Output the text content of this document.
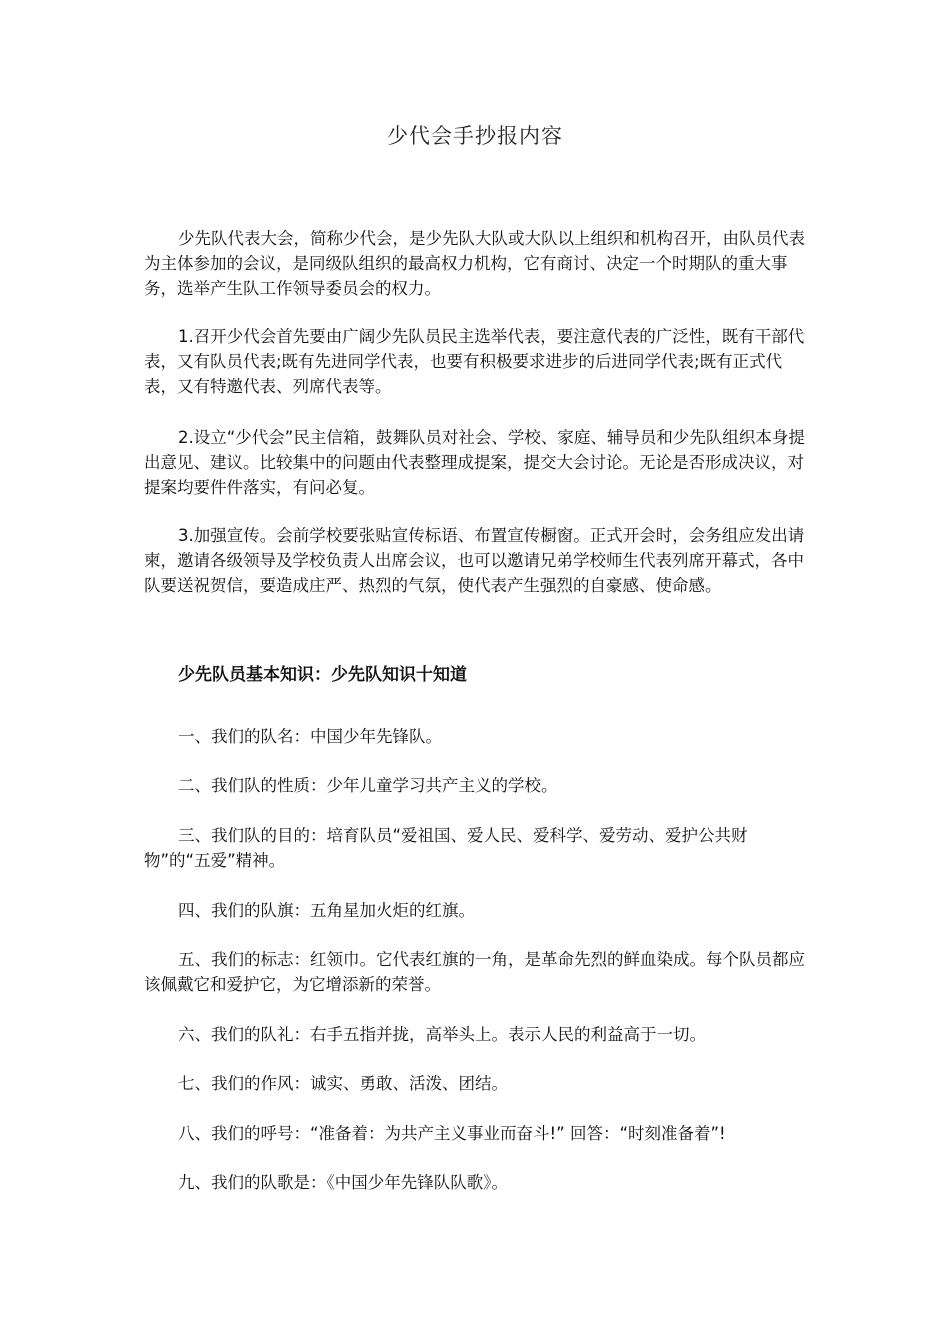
少代会手抄报内容

少先队代表大会，简称少代会，是少先队大队或大队以上组织和机构召开，由队员代表为主体参加的会议，是同级队组织的最高权力机构，它有商讨、决定一个时期队的重大事务，选举产生队工作领导委员会的权力。

1.召开少代会首先要由广阔少先队员民主选举代表，要注意代表的广泛性，既有干部代表，又有队员代表;既有先进同学代表，也要有积极要求进步的后进同学代表;既有正式代表，又有特邀代表、列席代表等。

2.设立“少代会”民主信箱，鼓舞队员对社会、学校、家庭、辅导员和少先队组织本身提出意见、建议。比较集中的问题由代表整理成提案，提交大会讨论。无论是否形成决议，对提案均要件件落实，有问必复。

3.加强宣传。会前学校要张贴宣传标语、布置宣传橱窗。正式开会时，会务组应发出请柬，邀请各级领导及学校负责人出席会议，也可以邀请兄弟学校师生代表列席开幕式，各中队要送祝贺信，要造成庄严、热烈的气氛，使代表产生强烈的自豪感、使命感。

少先队员基本知识：少先队知识十知道

一、我们的队名：中国少年先锋队。

二、我们队的性质：少年儿童学习共产主义的学校。

三、我们队的目的：培育队员“爱祖国、爱人民、爱科学、爱劳动、爱护公共财物”的“五爱”精神。

四、我们的队旗：五角星加火炬的红旗。

五、我们的标志：红领巾。它代表红旗的一角，是革命先烈的鲜血染成。每个队员都应该佩戴它和爱护它，为它增添新的荣誉。

六、我们的队礼：右手五指并拢，高举头上。表示人民的利益高于一切。

七、我们的作风：诚实、勇敢、活泼、团结。

八、我们的呼号：“准备着：为共产主义事业而奋斗!” 回答：“时刻准备着”!

九、我们的队歌是：《中国少年先锋队队歌》。
